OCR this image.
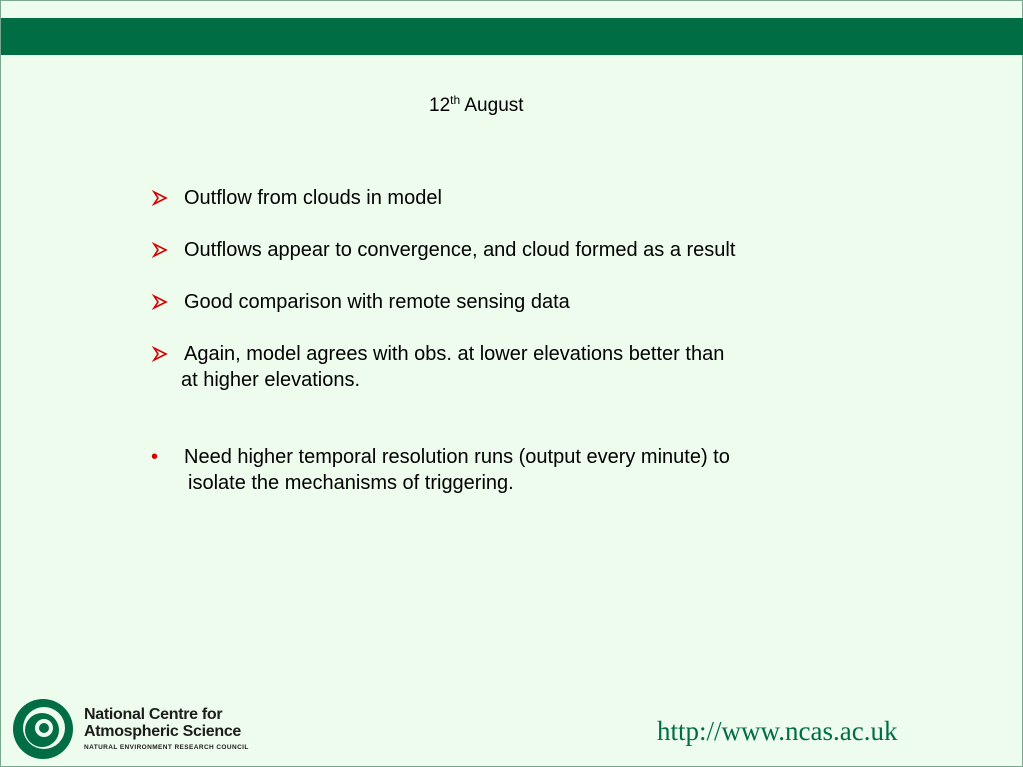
12th August
Outflow from clouds in model
Outflows appear to convergence, and cloud formed as a result
Good comparison with remote sensing data
Again, model agrees with obs. at lower elevations better than
at higher elevations.
• Need higher temporal resolution runs (output every minute) to
isolate the mechanisms of triggering.
National Centre for
Atmospheric Science
NATURAL ENVIRONMENT RESEARCH COUNCIL
http://www.ncas.ac.uk
